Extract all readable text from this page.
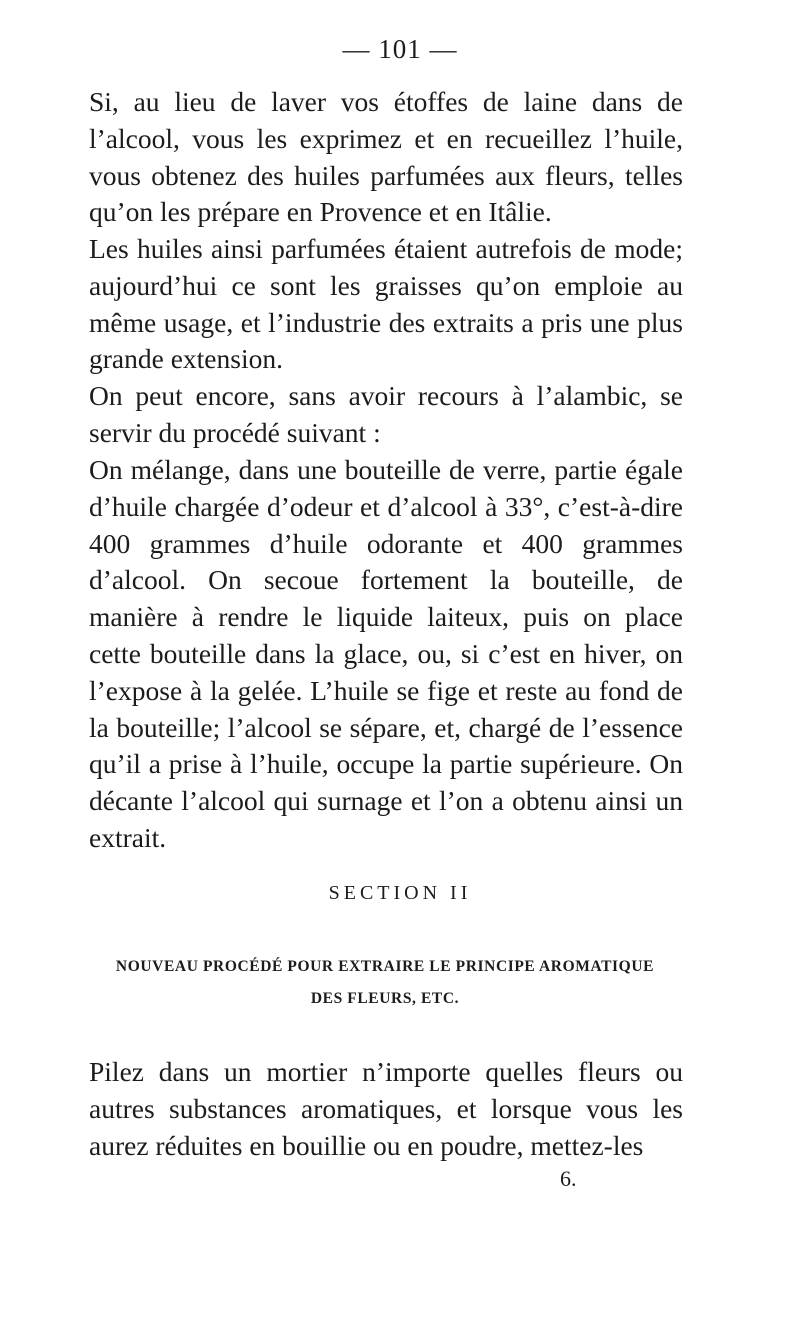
— 101 —

Si, au lieu de laver vos étoffes de laine dans de l’alcool, vous les exprimez et en recueillez l’huile, vous obtenez des huiles parfumées aux fleurs, telles qu’on les prépare en Provence et en Itâlie.

Les huiles ainsi parfumées étaient autrefois de mode; aujourd’hui ce sont les graisses qu’on emploie au même usage, et l’industrie des extraits a pris une plus grande extension.

On peut encore, sans avoir recours à l’alambic, se servir du procédé suivant :

On mélange, dans une bouteille de verre, partie égale d’huile chargée d’odeur et d’alcool à 33°, c’est-à-dire 400 grammes d’huile odorante et 400 grammes d’alcool. On secoue fortement la bouteille, de manière à rendre le liquide laiteux, puis on place cette bouteille dans la glace, ou, si c’est en hiver, on l’expose à la gelée. L’huile se fige et reste au fond de la bouteille; l’alcool se sépare, et, chargé de l’essence qu’il a prise à l’huile, occupe la partie supérieure. On décante l’alcool qui surnage et l’on a obtenu ainsi un extrait.

SECTION II
NOUVEAU PROCÉDÉ POUR EXTRAIRE LE PRINCIPE AROMATIQUE
DES FLEURS, ETC.

Pilez dans un mortier n’importe quelles fleurs ou autres substances aromatiques, et lorsque vous les aurez réduites en bouillie ou en poudre, mettez-les

6.
